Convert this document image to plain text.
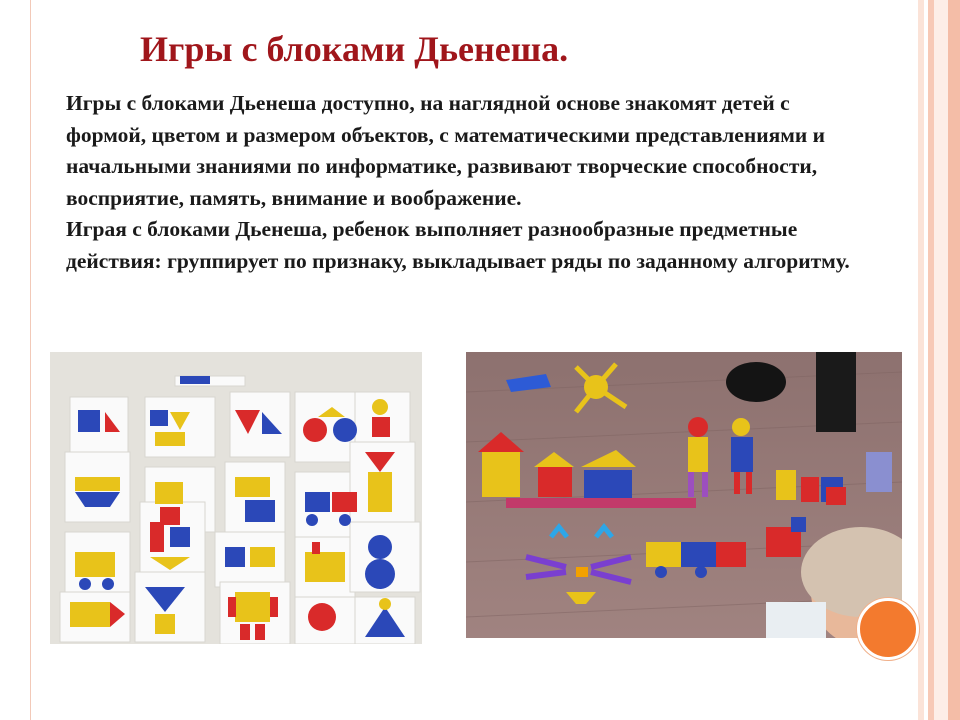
Игры с блоками Дьенеша.

Игры с блоками Дьенеша доступно, на наглядной основе знакомят детей с формой, цветом и размером объектов, с математическими представлениями и начальными знаниями по информатике, развивают творческие способности, восприятие, память, внимание и воображение.

Играя с блоками Дьенеша, ребенок выполняет разнообразные предметные действия: группирует по признаку, выкладывает ряды по заданному алгоритму.
